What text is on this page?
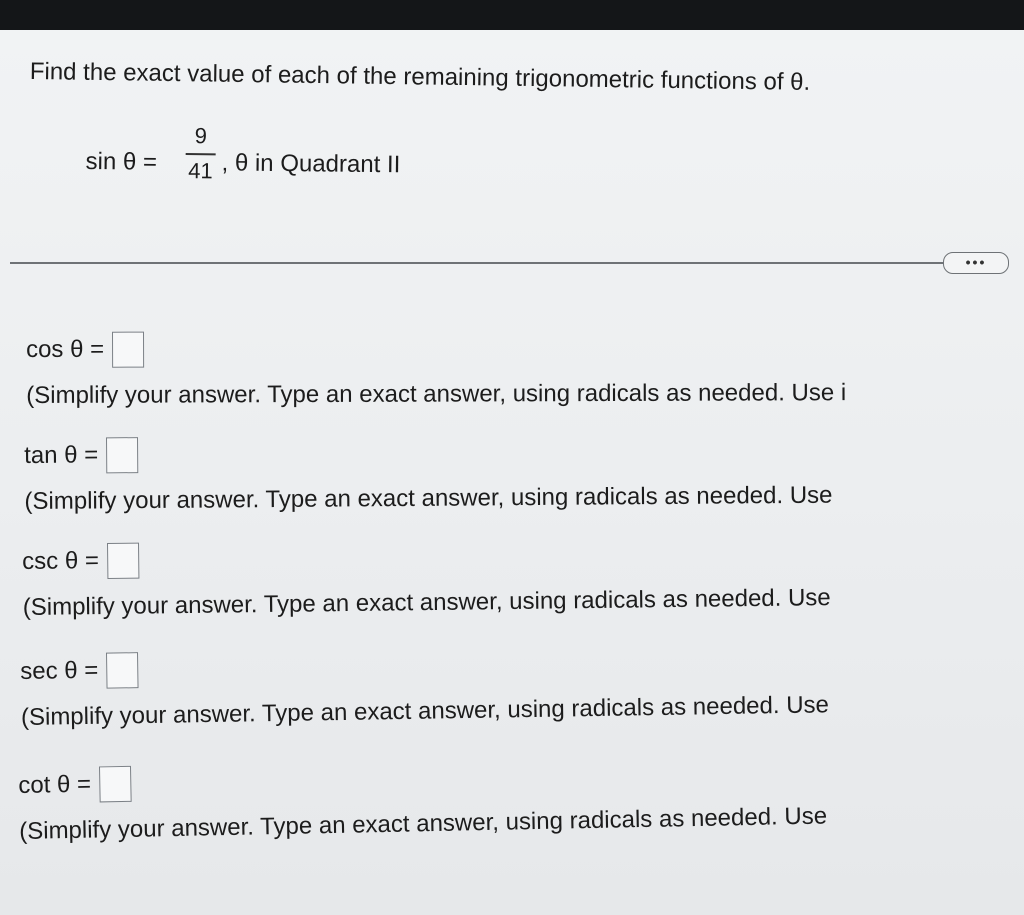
Find the exact value of each of the remaining trigonometric functions of θ.
sin θ =
9
41 , θ in Quadrant II
•••
cos θ =
(Simplify your answer. Type an exact answer, using radicals as needed. Use i
tan θ =
(Simplify your answer. Type an exact answer, using radicals as needed. Use
csc θ =
(Simplify your answer. Type an exact answer, using radicals as needed. Use
sec θ =
(Simplify your answer. Type an exact answer, using radicals as needed. Use
cot θ =
(Simplify your answer. Type an exact answer, using radicals as needed. Use
